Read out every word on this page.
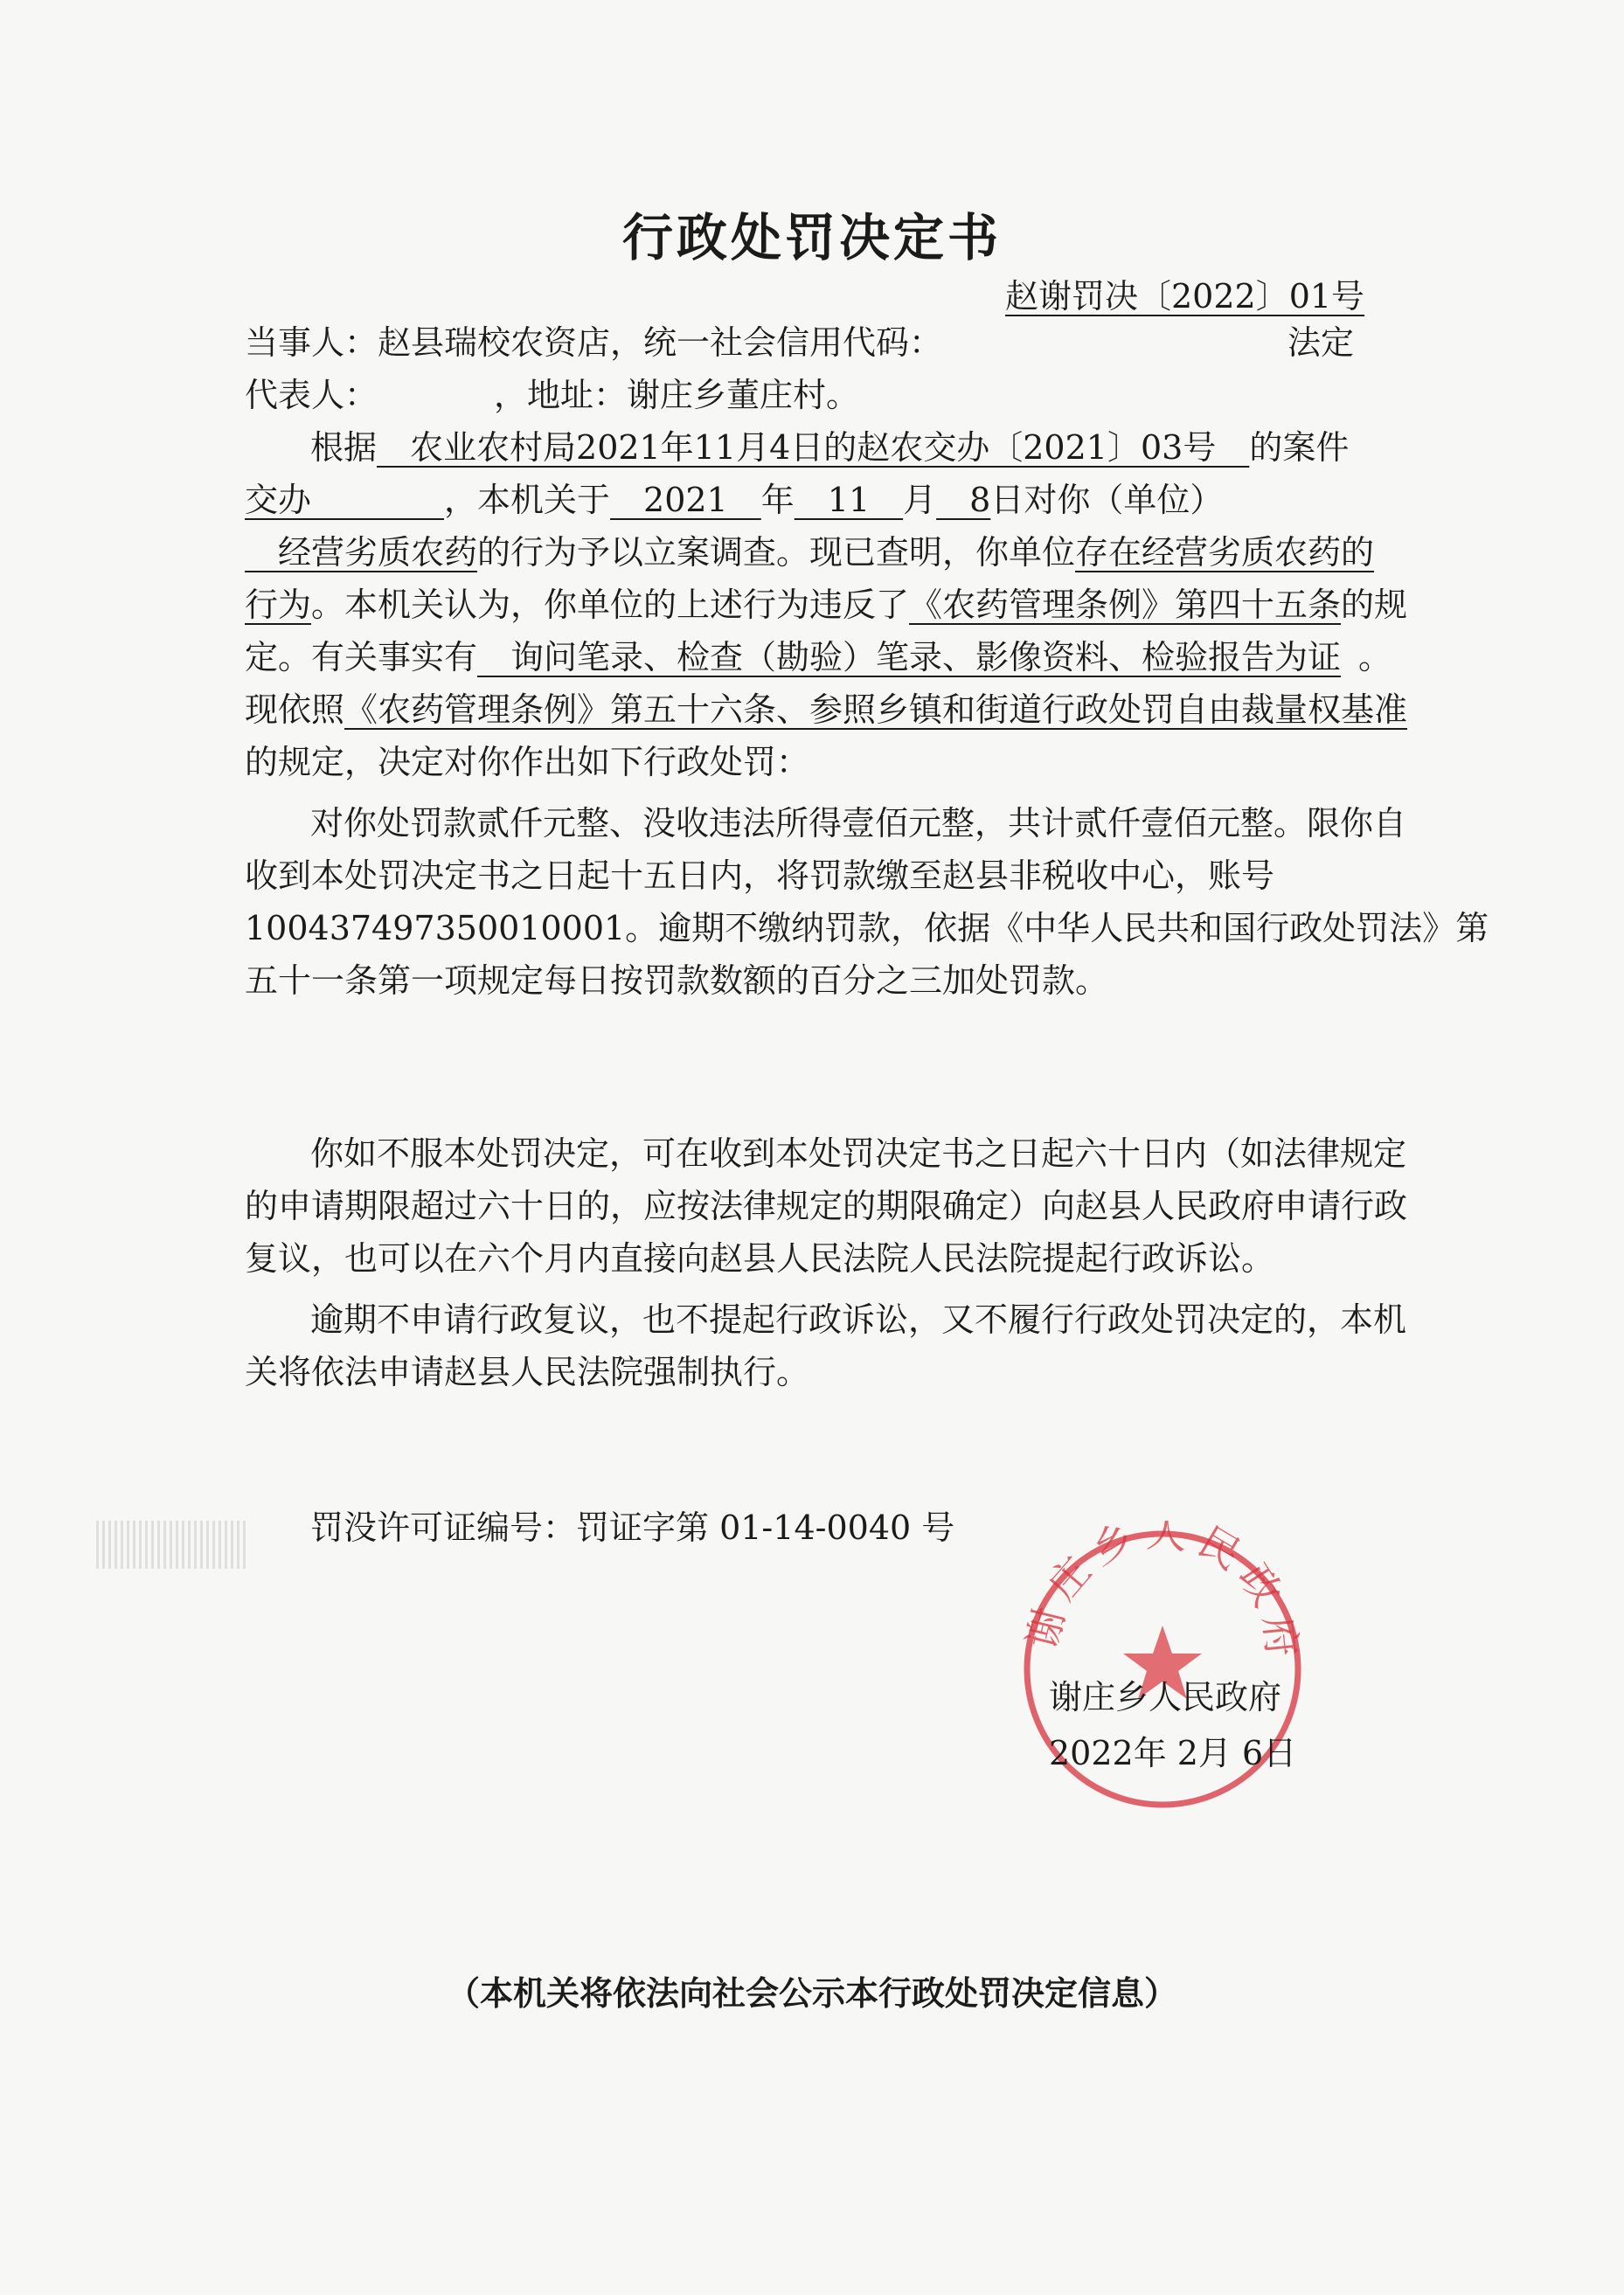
行政处罚决定书
赵谢罚决〔2022〕01号
当事人：赵县瑞校农资店，统一社会信用代码：	法定
代表人：　　　　，地址：谢庄乡董庄村。
根据　农业农村局2021年11月4日的赵农交办〔2021〕03号　的案件
交办　　　　，本机关于　2021　年　11　月　8日对你（单位）
　经营劣质农药的行为予以立案调查。现已查明，你单位存在经营劣质农药的
行为。本机关认为，你单位的上述行为违反了《农药管理条例》第四十五条的规
定。有关事实有　询问笔录、检查（勘验）笔录、影像资料、检验报告为证 。
现依照《农药管理条例》第五十六条、参照乡镇和街道行政处罚自由裁量权基准
的规定，决定对你作出如下行政处罚：
对你处罚款贰仟元整、没收违法所得壹佰元整，共计贰仟壹佰元整。限你自
收到本处罚决定书之日起十五日内，将罚款缴至赵县非税收中心，账号
100437497350010001。逾期不缴纳罚款，依据《中华人民共和国行政处罚法》第
五十一条第一项规定每日按罚款数额的百分之三加处罚款。
你如不服本处罚决定，可在收到本处罚决定书之日起六十日内（如法律规定
的申请期限超过六十日的，应按法律规定的期限确定）向赵县人民政府申请行政
复议，也可以在六个月内直接向赵县人民法院人民法院提起行政诉讼。
逾期不申请行政复议，也不提起行政诉讼，又不履行行政处罚决定的，本机
关将依法申请赵县人民法院强制执行。
罚没许可证编号：罚证字第 01-14-0040 号
谢庄乡人民政府
谢庄乡人民政府
2022年 2月 6日
（本机关将依法向社会公示本行政处罚决定信息）
